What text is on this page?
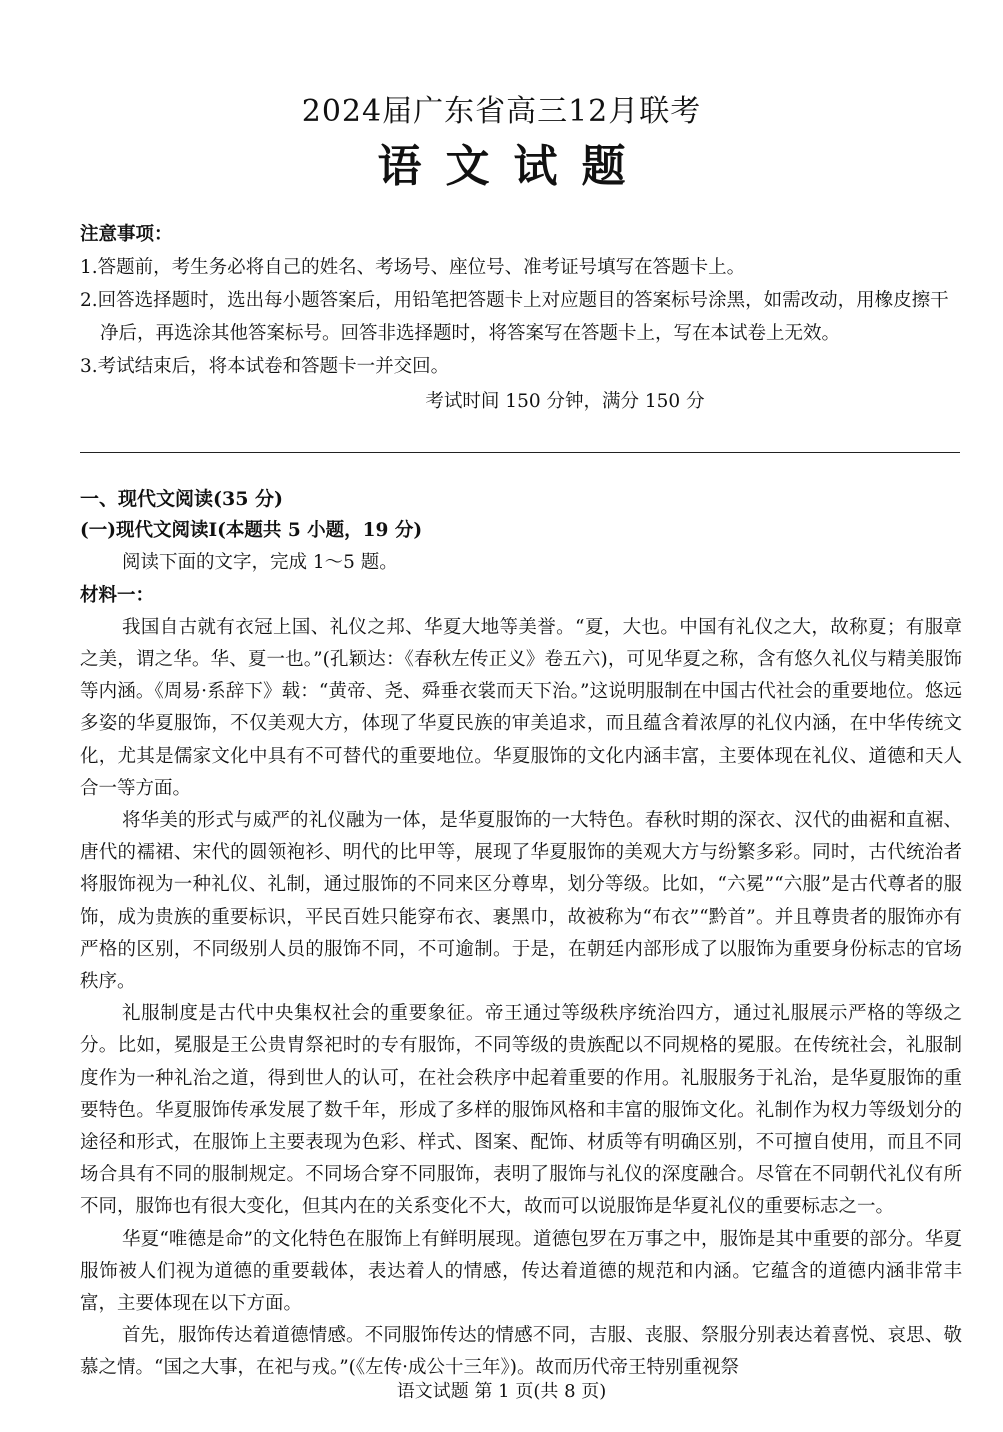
2024届广东省高三12月联考
语文试题
注意事项：
1.答题前，考生务必将自己的姓名、考场号、座位号、准考证号填写在答题卡上。
2.回答选择题时，选出每小题答案后，用铅笔把答题卡上对应题目的答案标号涂黑，如需改动，用橡皮擦干净后，再选涂其他答案标号。回答非选择题时，将答案写在答题卡上，写在本试卷上无效。
3.考试结束后，将本试卷和答题卡一并交回。
考试时间 150 分钟，满分 150 分
一、现代文阅读(35 分)
(一)现代文阅读Ⅰ(本题共 5 小题，19 分)
阅读下面的文字，完成 1～5 题。
材料一：

我国自古就有衣冠上国、礼仪之邦、华夏大地等美誉。“夏，大也。中国有礼仪之大，故称夏；有服章之美，谓之华。华、夏一也。”(孔颖达：《春秋左传正义》卷五六)，可见华夏之称，含有悠久礼仪与精美服饰等内涵。《周易·系辞下》载：“黄帝、尧、舜垂衣裳而天下治。”这说明服制在中国古代社会的重要地位。悠远多姿的华夏服饰，不仅美观大方，体现了华夏民族的审美追求，而且蕴含着浓厚的礼仪内涵，在中华传统文化，尤其是儒家文化中具有不可替代的重要地位。华夏服饰的文化内涵丰富，主要体现在礼仪、道德和天人合一等方面。

将华美的形式与威严的礼仪融为一体，是华夏服饰的一大特色。春秋时期的深衣、汉代的曲裾和直裾、唐代的襦裙、宋代的圆领袍衫、明代的比甲等，展现了华夏服饰的美观大方与纷繁多彩。同时，古代统治者将服饰视为一种礼仪、礼制，通过服饰的不同来区分尊卑，划分等级。比如，“六冕”“六服”是古代尊者的服饰，成为贵族的重要标识，平民百姓只能穿布衣、裹黑巾，故被称为“布衣”“黔首”。并且尊贵者的服饰亦有严格的区别，不同级别人员的服饰不同，不可逾制。于是，在朝廷内部形成了以服饰为重要身份标志的官场秩序。

礼服制度是古代中央集权社会的重要象征。帝王通过等级秩序统治四方，通过礼服展示严格的等级之分。比如，冕服是王公贵胄祭祀时的专有服饰，不同等级的贵族配以不同规格的冕服。在传统社会，礼服制度作为一种礼治之道，得到世人的认可，在社会秩序中起着重要的作用。礼服服务于礼治，是华夏服饰的重要特色。华夏服饰传承发展了数千年，形成了多样的服饰风格和丰富的服饰文化。礼制作为权力等级划分的途径和形式，在服饰上主要表现为色彩、样式、图案、配饰、材质等有明确区别，不可擅自使用，而且不同场合具有不同的服制规定。不同场合穿不同服饰，表明了服饰与礼仪的深度融合。尽管在不同朝代礼仪有所不同，服饰也有很大变化，但其内在的关系变化不大，故而可以说服饰是华夏礼仪的重要标志之一。

华夏“唯德是命”的文化特色在服饰上有鲜明展现。道德包罗在万事之中，服饰是其中重要的部分。华夏服饰被人们视为道德的重要载体，表达着人的情感，传达着道德的规范和内涵。它蕴含的道德内涵非常丰富，主要体现在以下方面。

首先，服饰传达着道德情感。不同服饰传达的情感不同，吉服、丧服、祭服分别表达着喜悦、哀思、敬慕之情。“国之大事，在祀与戎。”(《左传·成公十三年》)。故而历代帝王特别重视祭

语文试题 第 1 页(共 8 页)
